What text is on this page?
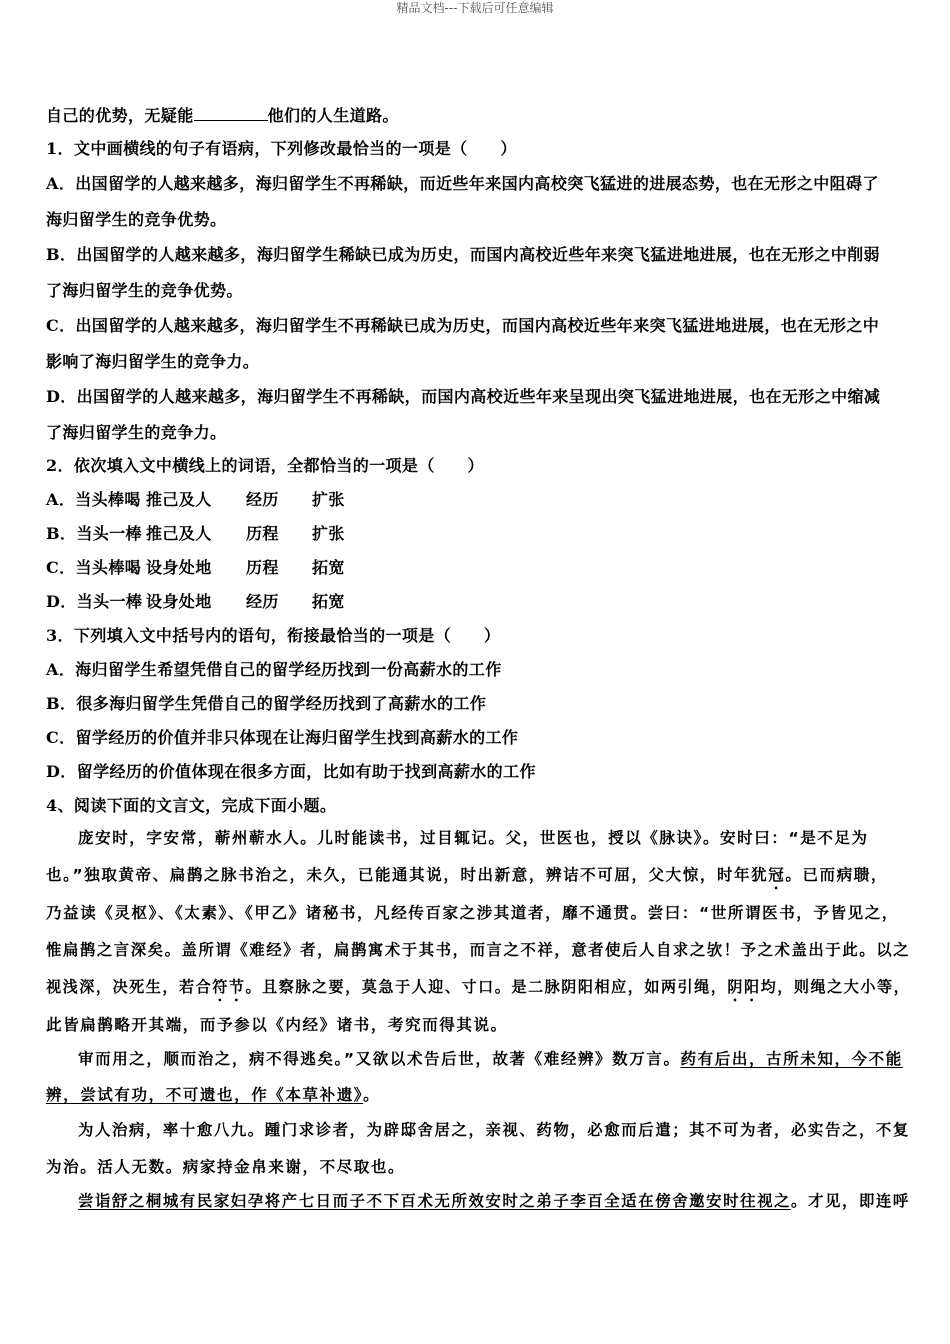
精品文档---下载后可任意编辑
自己的优势，无疑能	他们的人生道路。
1．文中画横线的句子有语病，下列修改最恰当的一项是（　　）
A．出国留学的人越来越多，海归留学生不再稀缺，而近些年来国内高校突飞猛进的进展态势，也在无形之中阻碍了
海归留学生的竞争优势。
B．出国留学的人越来越多，海归留学生稀缺已成为历史，而国内高校近些年来突飞猛进地进展，也在无形之中削弱
了海归留学生的竞争优势。
C．出国留学的人越来越多，海归留学生不再稀缺已成为历史，而国内高校近些年来突飞猛进地进展，也在无形之中
影响了海归留学生的竞争力。
D．出国留学的人越来越多，海归留学生不再稀缺，而国内高校近些年来呈现出突飞猛进地进展，也在无形之中缩减
了海归留学生的竞争力。
2．依次填入文中横线上的词语，全都恰当的一项是（　　）
A．当头棒喝 推己及人 经历 扩张
B．当头一棒 推己及人 历程 扩张
C．当头棒喝 设身处地 历程 拓宽
D．当头一棒 设身处地 经历 拓宽
3．下列填入文中括号内的语句，衔接最恰当的一项是（　　）
A．海归留学生希望凭借自己的留学经历找到一份高薪水的工作
B．很多海归留学生凭借自己的留学经历找到了高薪水的工作
C．留学经历的价值并非只体现在让海归留学生找到高薪水的工作
D．留学经历的价值体现在很多方面，比如有助于找到高薪水的工作
4、阅读下面的文言文，完成下面小题。
庞安时，字安常，蕲州蕲水人。儿时能读书，过目辄记。父，世医也，授以《脉诀》。安时曰：“是不足为
也。”独取黄帝、扁鹊之脉书治之，未久，已能通其说，时出新意，辨诘不可屈，父大惊，时年犹冠。已而病聩，
乃益读《灵枢》、《太素》、《甲乙》诸秘书，凡经传百家之涉其道者，靡不通贯。尝曰：“世所谓医书，予皆见之，
惟扁鹊之言深矣。盖所谓《难经》者，扁鹊寓术于其书，而言之不祥，意者使后人自求之欤！予之术盖出于此。以之
视浅深，决死生，若合符节。且察脉之要，莫急于人迎、寸口。是二脉阴阳相应，如两引绳，阴阳均，则绳之大小等，
此皆扁鹊略开其端，而予参以《内经》诸书，考究而得其说。
审而用之，顺而治之，病不得逃矣。”又欲以术告后世，故著《难经辨》数万言。药有后出，古所未知，今不能
辨，尝试有功，不可遗也，作《本草补遗》。
为人治病，率十愈八九。踵门求诊者，为辟邸舍居之，亲视、药物，必愈而后遣；其不可为者，必实告之，不复
为治。活人无数。病家持金帛来谢，不尽取也。
尝诣舒之桐城有民家妇孕将产七日而子不下百术无所效安时之弟子李百全适在傍舍邀安时往视之。才见，即连呼
